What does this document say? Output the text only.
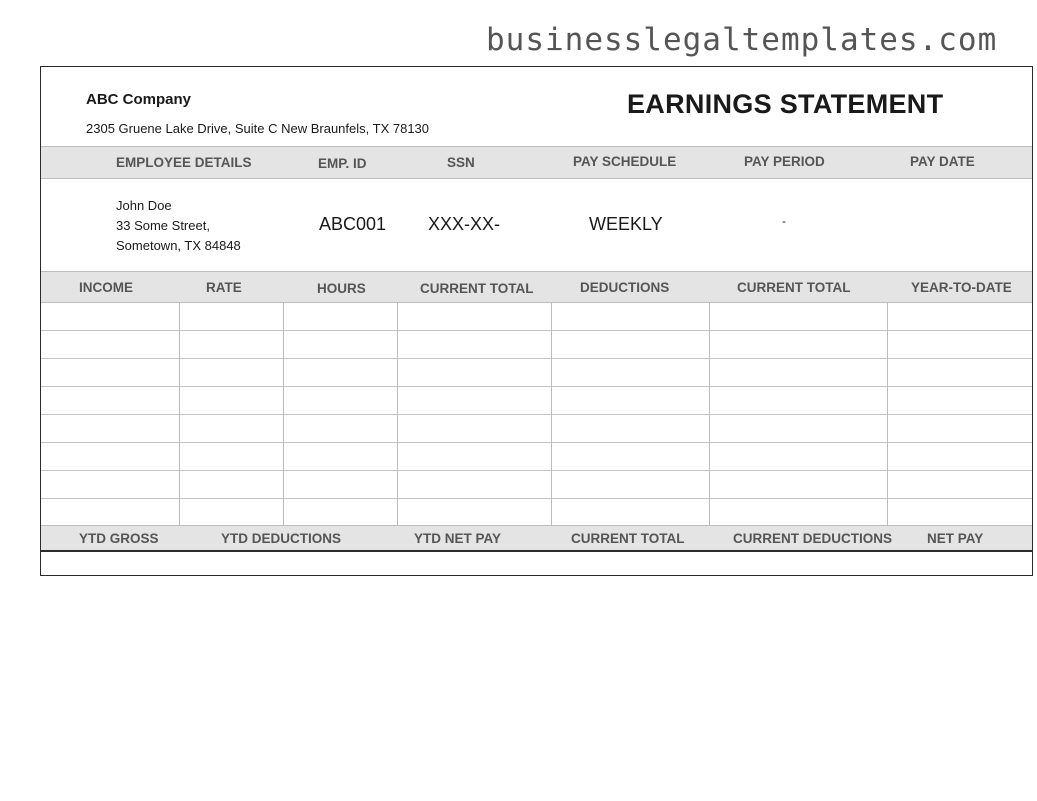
businesslegaltemplates.com
ABC Company
2305 Gruene Lake Drive, Suite C New Braunfels, TX 78130
EARNINGS STATEMENT
EMPLOYEE DETAILS	EMP. ID	SSN	PAY SCHEDULE	PAY PERIOD	PAY DATE
John Doe
33 Some Street,
Sometown, TX 84848
ABC001 XXX-XX-	WEEKLY	-
INCOME	RATE	HOURS	CURRENT TOTAL	DEDUCTIONS	CURRENT TOTAL	YEAR-TO-DATE
YTD GROSS	YTD DEDUCTIONS	YTD NET PAY	CURRENT TOTAL	CURRENT DEDUCTIONS	NET PAY
